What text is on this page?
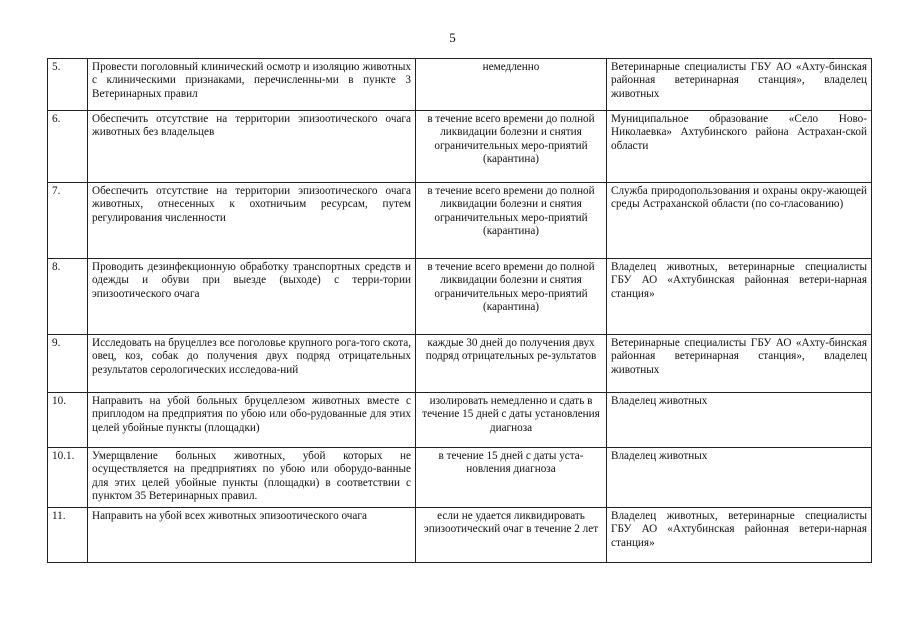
5
5.	Провести поголовный клинический осмотр и изоляцию животных с клиническими признаками, перечисленны-ми в пункте 3 Ветеринарных правил	немедленно	Ветеринарные специалисты ГБУ АО «Ахту-бинская районная ветеринарная станция», владелец животных
6.	Обеспечить отсутствие на территории эпизоотического очага животных без владельцев	в течение всего времени до полной ликвидации болезни и снятия ограничительных меро-приятий (карантина)	Муниципальное образование «Село Ново-Николаевка» Ахтубинского района Астрахан-ской области
7.	Обеспечить отсутствие на территории эпизоотического очага животных, отнесенных к охотничьим ресурсам, путем регулирования численности	в течение всего времени до полной ликвидации болезни и снятия ограничительных меро-приятий (карантина)	Служба природопользования и охраны окру-жающей среды Астраханской области (по со-гласованию)
8.	Проводить дезинфекционную обработку транспортных средств и одежды и обуви при выезде (выходе) с терри-тории эпизоотического очага	в течение всего времени до полной ликвидации болезни и снятия ограничительных меро-приятий (карантина)	Владелец животных, ветеринарные специалисты ГБУ АО «Ахтубинская районная ветери-нарная станция»
9.	Исследовать на бруцеллез все поголовье крупного рога-того скота, овец, коз, собак до получения двух подряд отрицательных результатов серологических исследова-ний	каждые 30 дней до получения двух подряд отрицательных ре-зультатов	Ветеринарные специалисты ГБУ АО «Ахту-бинская районная ветеринарная станция», владелец животных
10.	Направить на убой больных бруцеллезом животных вместе с приплодом на предприятия по убою или обо-рудованные для этих целей убойные пункты (площадки)	изолировать немедленно и сдать в течение 15 дней с даты установления диагноза	Владелец животных
10.1.	Умерщвление больных животных, убой которых не осуществляется на предприятиях по убою или оборудо-ванные для этих целей убойные пункты (площадки) в соответствии с пунктом 35 Ветеринарных правил.	в течение 15 дней с даты уста-новления диагноза	Владелец животных
11.	Направить на убой всех животных эпизоотического очага	если не удается ликвидировать эпизоотический очаг в течение 2 лет	Владелец животных, ветеринарные специалисты ГБУ АО «Ахтубинская районная ветери-нарная станция»
